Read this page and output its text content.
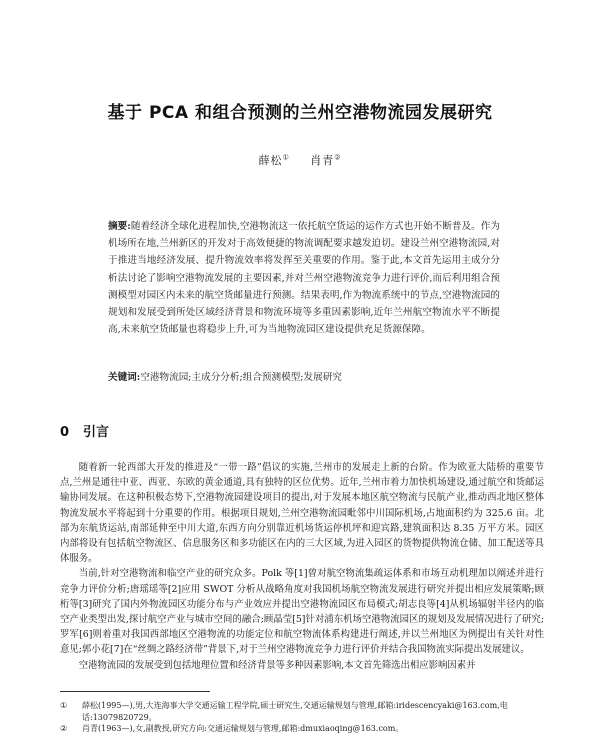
基于 PCA 和组合预测的兰州空港物流园发展研究
薛松① 肖青②
摘要:随着经济全球化进程加快,空港物流这一依托航空货运的运作方式也开始不断普及。作为机场所在地,兰州新区的开发对于高效便捷的物流调配要求越发迫切。建设兰州空港物流园,对于推进当地经济发展、提升物流效率将发挥至关重要的作用。鉴于此,本文首先运用主成分分析法讨论了影响空港物流发展的主要因素,并对兰州空港物流竞争力进行评价,而后利用组合预测模型对园区内未来的航空货邮量进行预测。结果表明,作为物流系统中的节点,空港物流园的规划和发展受到所处区域经济背景和物流环境等多重因素影响,近年兰州航空物流水平不断提高,未来航空货邮量也将稳步上升,可为当地物流园区建设提供充足货源保障。
关键词:空港物流园;主成分分析;组合预测模型;发展研究
0 引言

随着新一轮西部大开发的推进及“一带一路”倡议的实施,兰州市的发展走上新的台阶。作为欧亚大陆桥的重要节点,兰州是通往中亚、西亚、东欧的黄金通道,具有独特的区位优势。近年,兰州市着力加快机场建设,通过航空和货邮运输协同发展。在这种积极态势下,空港物流园建设项目的提出,对于发展本地区航空物流与民航产业,推动西北地区整体物流发展水平将起到十分重要的作用。根据项目规划,兰州空港物流园毗邻中川国际机场,占地面积约为 325.6 亩。北部为东航货运站,南部延伸至中川大道,东西方向分别靠近机场货运停机坪和迎宾路,建筑面积达 8.35 万平方米。园区内部将设有包括航空物流区、信息服务区和多功能区在内的三大区域,为进入园区的货物提供物流仓储、加工配送等具体服务。

当前,针对空港物流和临空产业的研究众多。Polk 等[1]曾对航空物流集疏运体系和市场互动机理加以阐述并进行竞争力评价分析;唐瑶瑶等[2]应用 SWOT 分析从战略角度对我国机场航空物流发展进行研究并提出相应发展策略;顾桁等[3]研究了国内外物流园区功能分布与产业效应并提出空港物流园区布局模式;胡志良等[4]从机场辐射半径内的临空产业类型出发,探讨航空产业与城市空间的融合;顾晶莹[5]针对浦东机场空港物流园区的规划及发展情况进行了研究;罗军[6]则着重对我国西部地区空港物流的功能定位和航空物流体系构建进行阐述,并以兰州地区为例提出有关针对性意见;郭小花[7]在“丝绸之路经济带”背景下,对于兰州空港物流竞争力进行评价并结合我国物流实际提出发展建议。

空港物流园的发展受到包括地理位置和经济背景等多种因素影响,本文首先筛选出相应影响因素并

①	薛松(1995—),男,大连海事大学交通运输工程学院,硕士研究生,交通运输规划与管理,邮箱:iridescencyaki@163.com,电话:13079820729。
②	肖青(1963—),女,副教授,研究方向:交通运输规划与管理,邮箱:dmuxiaoqing@163.com。
